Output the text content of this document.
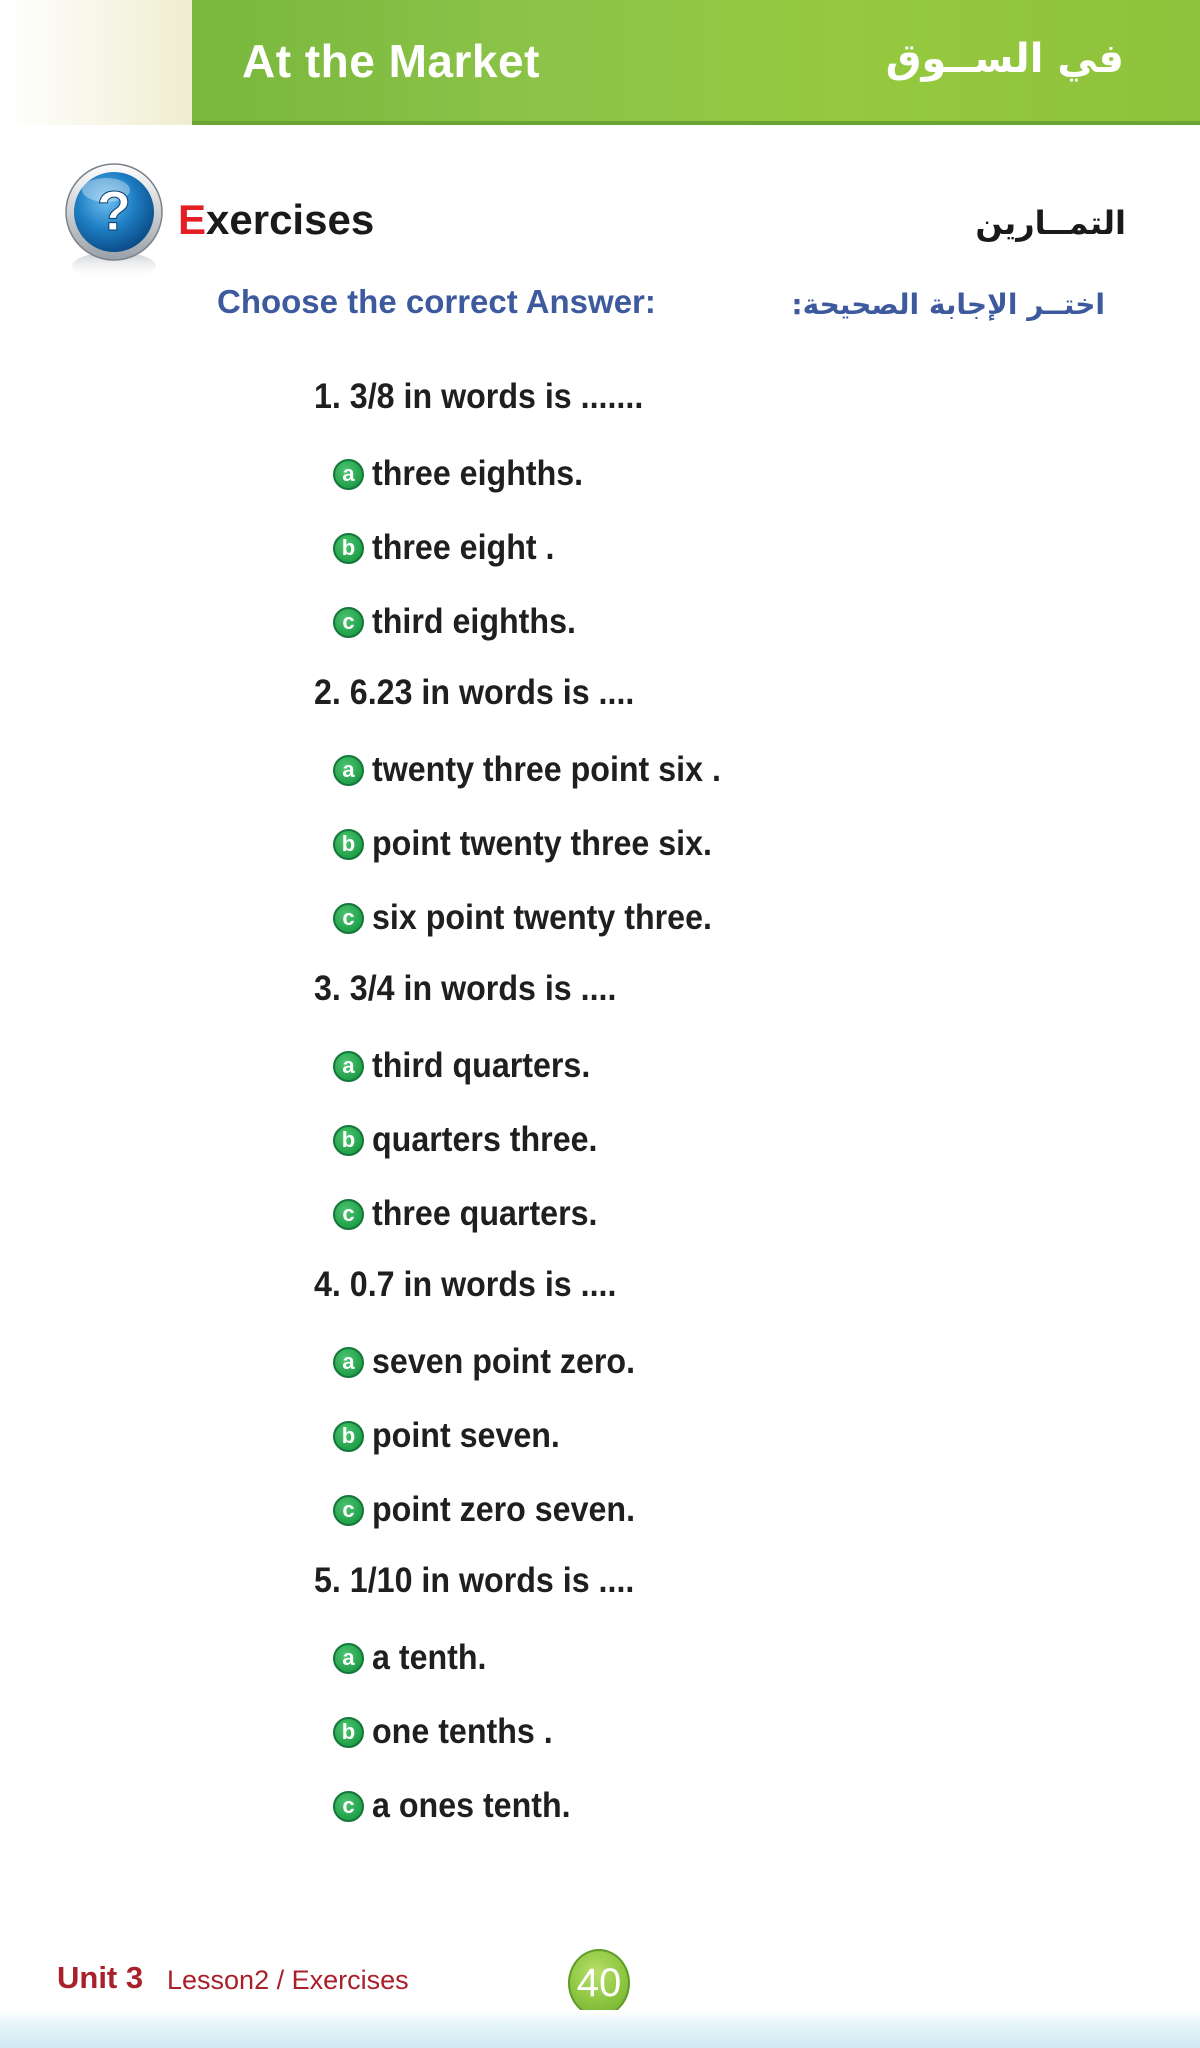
At the Market	في الســوق
? Exercises	التمــارين

Choose the correct Answer:	اختــر الإجابة الصحيحة:

1. 3/8 in words is .......

a three eighths.
b three eight .
c third eighths.

2. 6.23 in words is ....

a twenty three point six .
b point twenty three six.
c six point twenty three.

3. 3/4 in words is ....

a third quarters.
b quarters three.
c three quarters.

4. 0.7 in words is ....

a seven point zero.
b point seven.
c point zero seven.

5. 1/10 in words is ....

a a tenth.
b one tenths .
c a ones tenth.

Unit 3 Lesson2 / Exercises	40
